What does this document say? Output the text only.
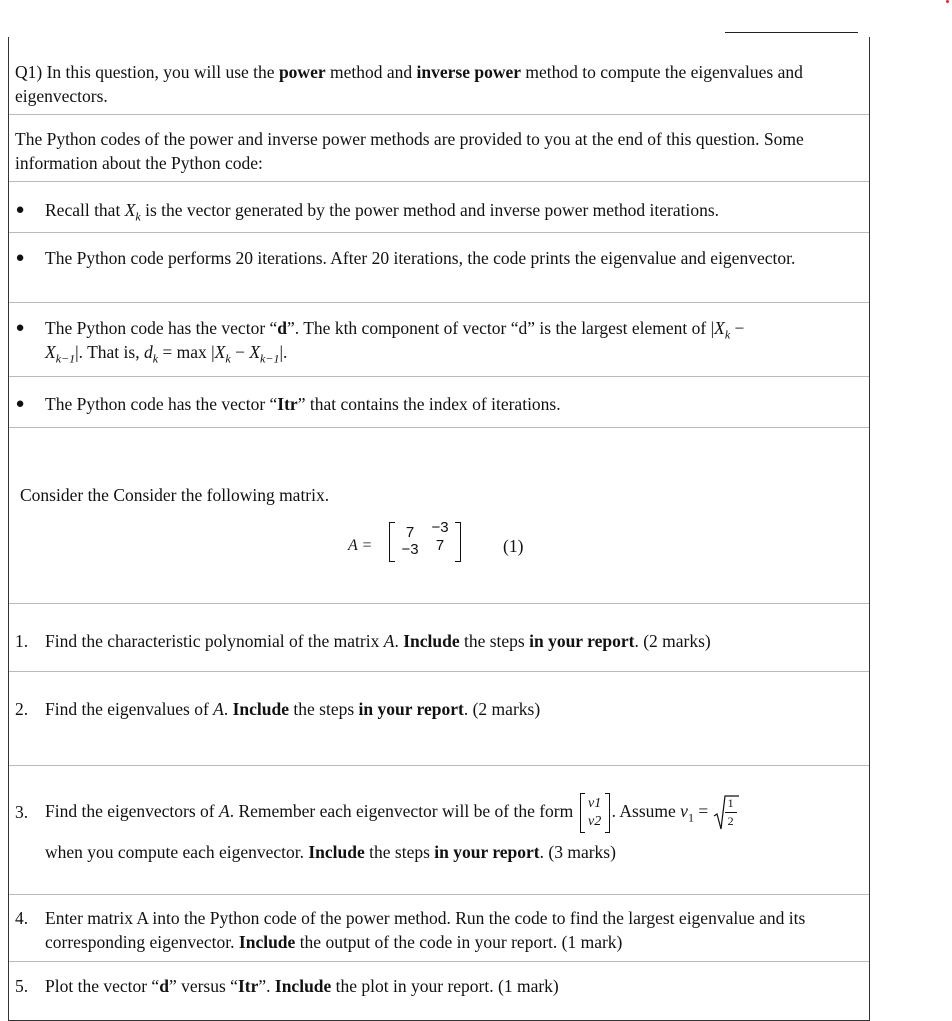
Q1) In this question, you will use the power method and inverse power method to compute the eigenvalues and eigenvectors.
The Python codes of the power and inverse power methods are provided to you at the end of this question. Some information about the Python code:
● Recall that $X_k$ is the vector generated by the power method and inverse power method iterations.
● The Python code performs 20 iterations. After 20 iterations, the code prints the eigenvalue and eigenvector.
● The Python code has the vector “d”. The kth component of vector “d” is the largest element of $|X_k$ −
$X_{k-1}|$. That is, $d_k = \max |X_k - X_{k-1}|$.
● The Python code has the vector “Itr” that contains the index of iterations.
Consider the Consider the following matrix.
A =
7	−3
−3	7	(1)
1. Find the characteristic polynomial of the matrix A. Include the steps in your report. (2 marks)
2. Find the eigenvalues of A. Include the steps in your report. (2 marks)
3. Find the eigenvectors of A. Remember each eigenvector will be of the form v1
v2
. Assume $v_1 = 1$
2
when you compute each eigenvector. Include the steps in your report. (3 marks)
4. Enter matrix A into the Python code of the power method. Run the code to find the largest eigenvalue and its corresponding eigenvector. Include the output of the code in your report. (1 mark)
5. Plot the vector “d” versus “Itr”. Include the plot in your report. (1 mark)
